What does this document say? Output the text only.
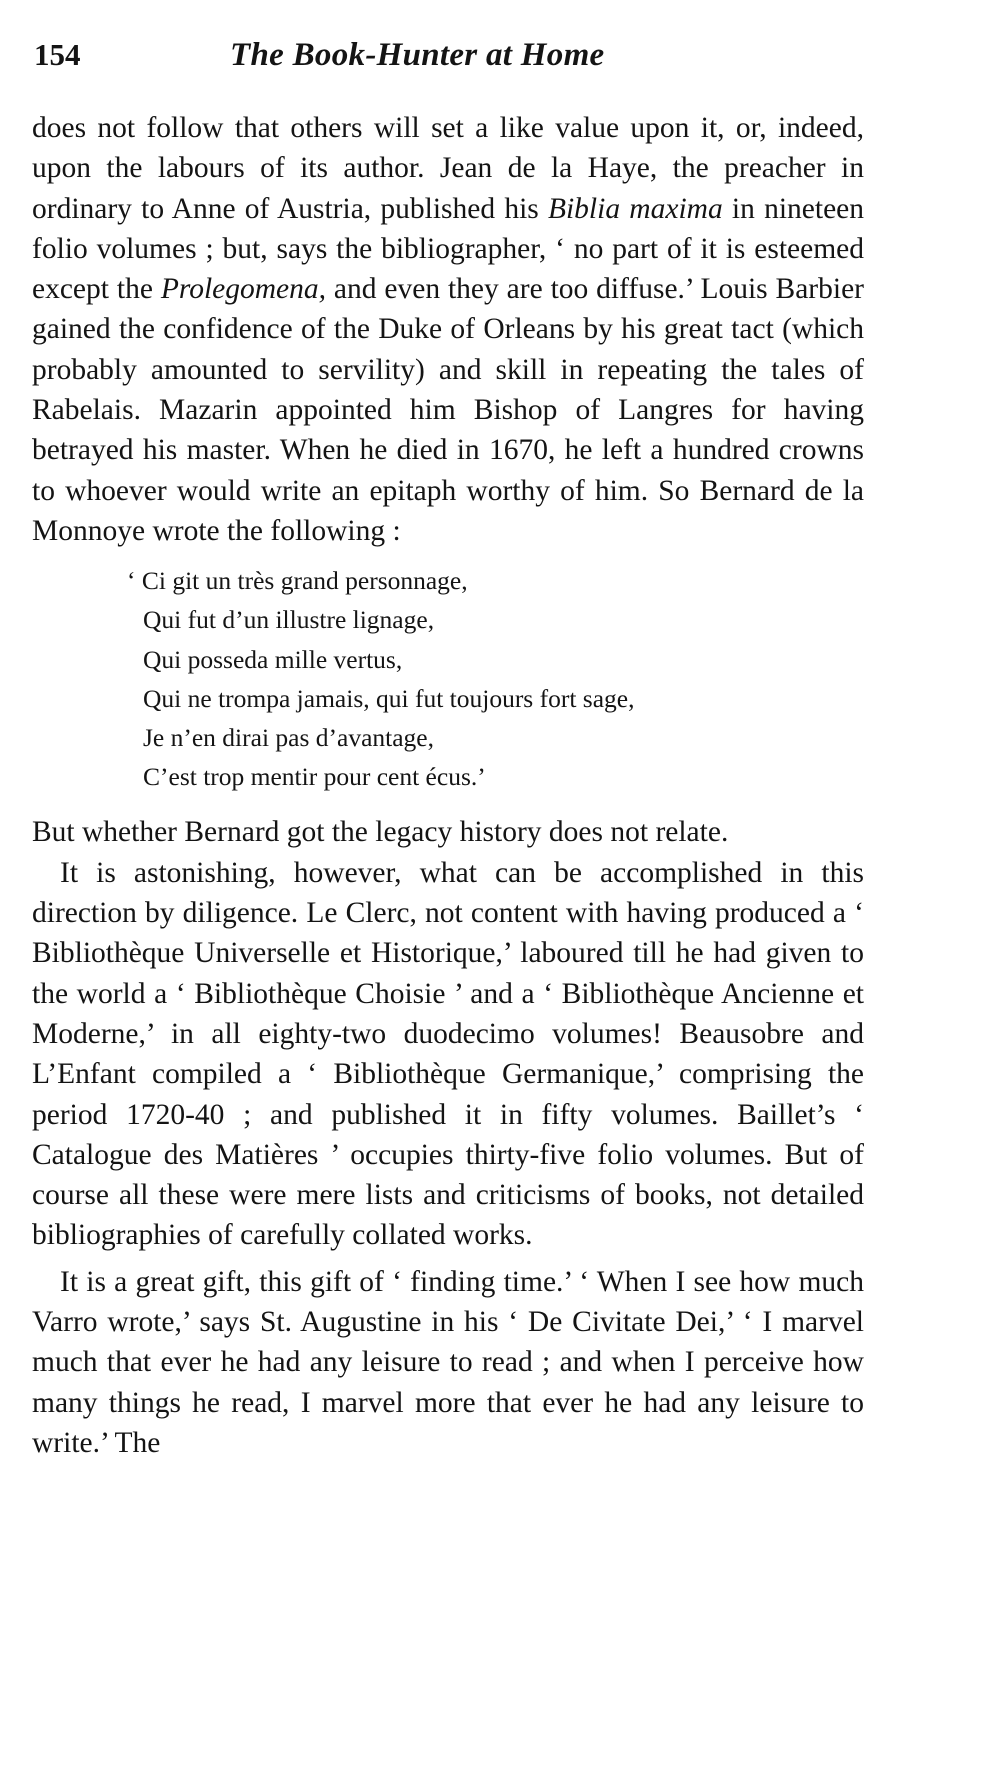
154	The Book-Hunter at Home

does not follow that others will set a like value upon it, or, indeed, upon the labours of its author. Jean de la Haye, the preacher in ordinary to Anne of Austria, published his Biblia maxima in nineteen folio volumes ; but, says the bibliographer, ‘ no part of it is esteemed except the Prolegomena, and even they are too diffuse.’ Louis Barbier gained the confidence of the Duke of Orleans by his great tact (which probably amounted to servility) and skill in repeating the tales of Rabelais. Mazarin appointed him Bishop of Langres for having betrayed his master. When he died in 1670, he left a hundred crowns to whoever would write an epitaph worthy of him. So Bernard de la Monnoye wrote the following :

‘ Ci git un très grand personnage,
Qui fut d’un illustre lignage,
Qui posseda mille vertus,
Qui ne trompa jamais, qui fut toujours fort sage,
Je n’en dirai pas d’avantage,
C’est trop mentir pour cent écus.’

But whether Bernard got the legacy history does not relate.

It is astonishing, however, what can be accomplished in this direction by diligence. Le Clerc, not content with having produced a ‘ Bibliothèque Universelle et Historique,’ laboured till he had given to the world a ‘ Bibliothèque Choisie ’ and a ‘ Bibliothèque Ancienne et Moderne,’ in all eighty-two duodecimo volumes! Beausobre and L’Enfant compiled a ‘ Bibliothèque Germanique,’ comprising the period 1720-40 ; and published it in fifty volumes. Baillet’s ‘ Catalogue des Matières ’ occupies thirty-five folio volumes. But of course all these were mere lists and criticisms of books, not detailed bibliographies of carefully collated works.

It is a great gift, this gift of ‘ finding time.’ ‘ When I see how much Varro wrote,’ says St. Augustine in his ‘ De Civitate Dei,’ ‘ I marvel much that ever he had any leisure to read ; and when I perceive how many things he read, I marvel more that ever he had any leisure to write.’ The
